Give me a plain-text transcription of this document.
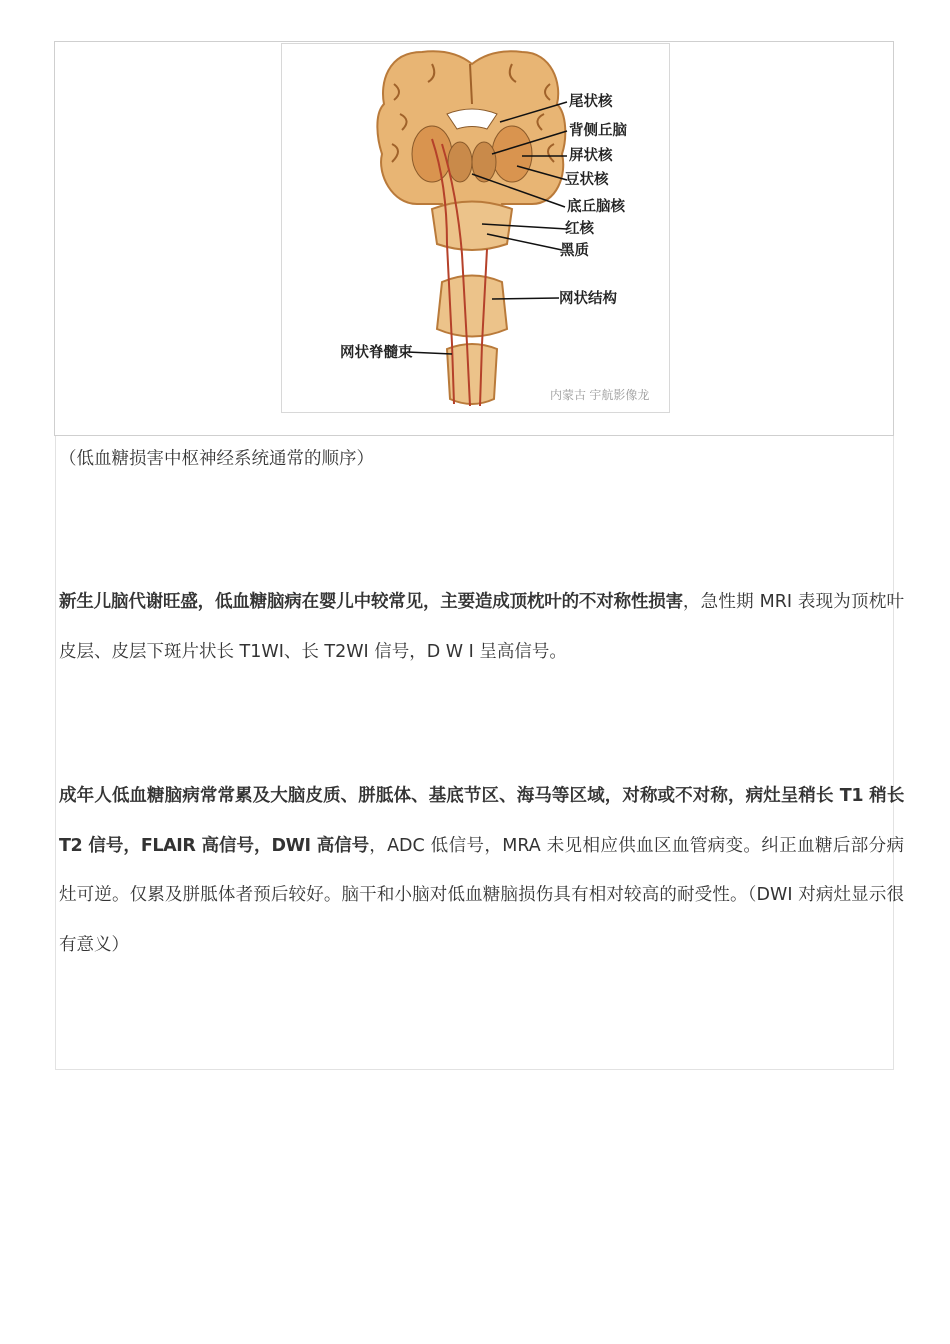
尾状核
背侧丘脑
屏状核
豆状核
底丘脑核
红核
黑质
网状结构
网状脊髓束
内蒙古 宇航影像龙
（低血糖损害中枢神经系统通常的顺序）
新生儿脑代谢旺盛，低血糖脑病在婴儿中较常见，主要造成顶枕叶的不对称性损害，急性期 MRI 表现为顶枕叶皮层、皮层下斑片状长 T1WI、长 T2WI 信号，D W I 呈高信号。
成年人低血糖脑病常常累及大脑皮质、胼胝体、基底节区、海马等区域，对称或不对称，病灶呈稍长 T1 稍长 T2 信号，FLAIR 高信号，DWI 高信号，ADC 低信号，MRA 未见相应供血区血管病变。纠正血糖后部分病灶可逆。仅累及胼胝体者预后较好。脑干和小脑对低血糖脑损伤具有相对较高的耐受性。（DWI 对病灶显示很有意义）
